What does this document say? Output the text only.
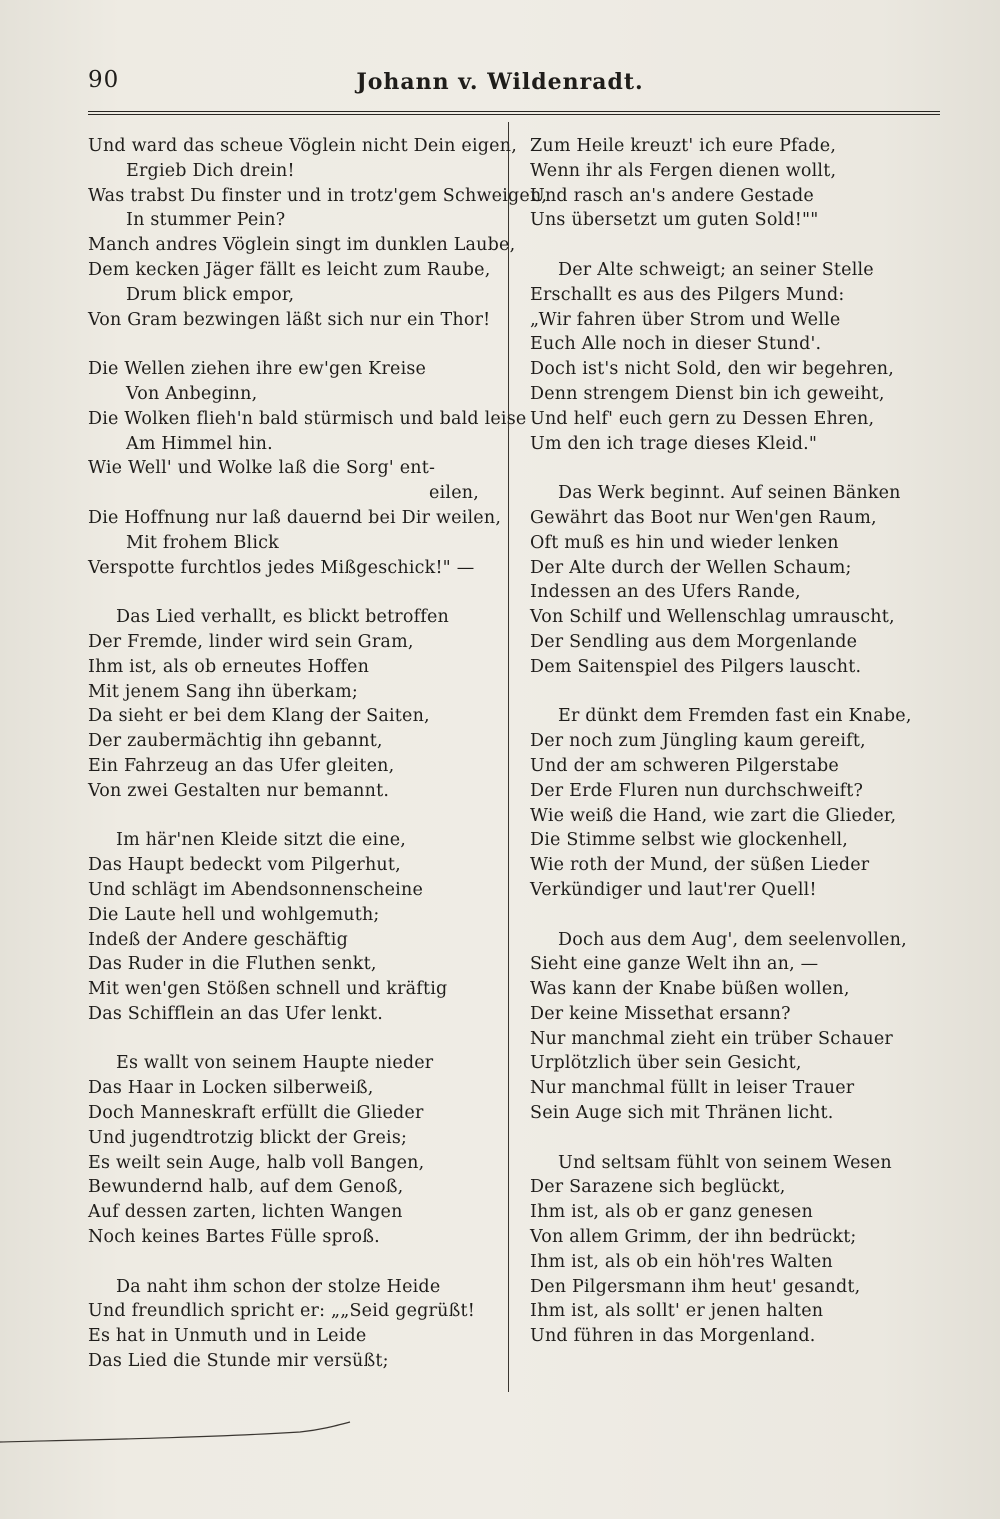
90	Johann v. Wildenradt.
Und ward das scheue Vöglein nicht Dein eigen,
Ergieb Dich drein!
Was trabst Du finster und in trotz'gem Schweigen,
In stummer Pein?
Manch andres Vöglein singt im dunklen Laube,
Dem kecken Jäger fällt es leicht zum Raube,
Drum blick empor,
Von Gram bezwingen läßt sich nur ein Thor!
Die Wellen ziehen ihre ew'gen Kreise
Von Anbeginn,
Die Wolken flieh'n bald stürmisch und bald leise
Am Himmel hin.
Wie Well' und Wolke laß die Sorg' ent-
eilen,
Die Hoffnung nur laß dauernd bei Dir weilen,
Mit frohem Blick
Verspotte furchtlos jedes Mißgeschick!" —
Das Lied verhallt, es blickt betroffen
Der Fremde, linder wird sein Gram,
Ihm ist, als ob erneutes Hoffen
Mit jenem Sang ihn überkam;
Da sieht er bei dem Klang der Saiten,
Der zaubermächtig ihn gebannt,
Ein Fahrzeug an das Ufer gleiten,
Von zwei Gestalten nur bemannt.
Im här'nen Kleide sitzt die eine,
Das Haupt bedeckt vom Pilgerhut,
Und schlägt im Abendsonnenscheine
Die Laute hell und wohlgemuth;
Indeß der Andere geschäftig
Das Ruder in die Fluthen senkt,
Mit wen'gen Stößen schnell und kräftig
Das Schifflein an das Ufer lenkt.
Es wallt von seinem Haupte nieder
Das Haar in Locken silberweiß,
Doch Manneskraft erfüllt die Glieder
Und jugendtrotzig blickt der Greis;
Es weilt sein Auge, halb voll Bangen,
Bewundernd halb, auf dem Genoß,
Auf dessen zarten, lichten Wangen
Noch keines Bartes Fülle sproß.
Da naht ihm schon der stolze Heide
Und freundlich spricht er: „„Seid gegrüßt!
Es hat in Unmuth und in Leide
Das Lied die Stunde mir versüßt;
Zum Heile kreuzt' ich eure Pfade,
Wenn ihr als Fergen dienen wollt,
Und rasch an's andere Gestade
Uns übersetzt um guten Sold!""
Der Alte schweigt; an seiner Stelle
Erschallt es aus des Pilgers Mund:
„Wir fahren über Strom und Welle
Euch Alle noch in dieser Stund'.
Doch ist's nicht Sold, den wir begehren,
Denn strengem Dienst bin ich geweiht,
Und helf' euch gern zu Dessen Ehren,
Um den ich trage dieses Kleid."
Das Werk beginnt. Auf seinen Bänken
Gewährt das Boot nur Wen'gen Raum,
Oft muß es hin und wieder lenken
Der Alte durch der Wellen Schaum;
Indessen an des Ufers Rande,
Von Schilf und Wellenschlag umrauscht,
Der Sendling aus dem Morgenlande
Dem Saitenspiel des Pilgers lauscht.
Er dünkt dem Fremden fast ein Knabe,
Der noch zum Jüngling kaum gereift,
Und der am schweren Pilgerstabe
Der Erde Fluren nun durchschweift?
Wie weiß die Hand, wie zart die Glieder,
Die Stimme selbst wie glockenhell,
Wie roth der Mund, der süßen Lieder
Verkündiger und laut'rer Quell!
Doch aus dem Aug', dem seelenvollen,
Sieht eine ganze Welt ihn an, —
Was kann der Knabe büßen wollen,
Der keine Missethat ersann?
Nur manchmal zieht ein trüber Schauer
Urplötzlich über sein Gesicht,
Nur manchmal füllt in leiser Trauer
Sein Auge sich mit Thränen licht.
Und seltsam fühlt von seinem Wesen
Der Sarazene sich beglückt,
Ihm ist, als ob er ganz genesen
Von allem Grimm, der ihn bedrückt;
Ihm ist, als ob ein höh'res Walten
Den Pilgersmann ihm heut' gesandt,
Ihm ist, als sollt' er jenen halten
Und führen in das Morgenland.
